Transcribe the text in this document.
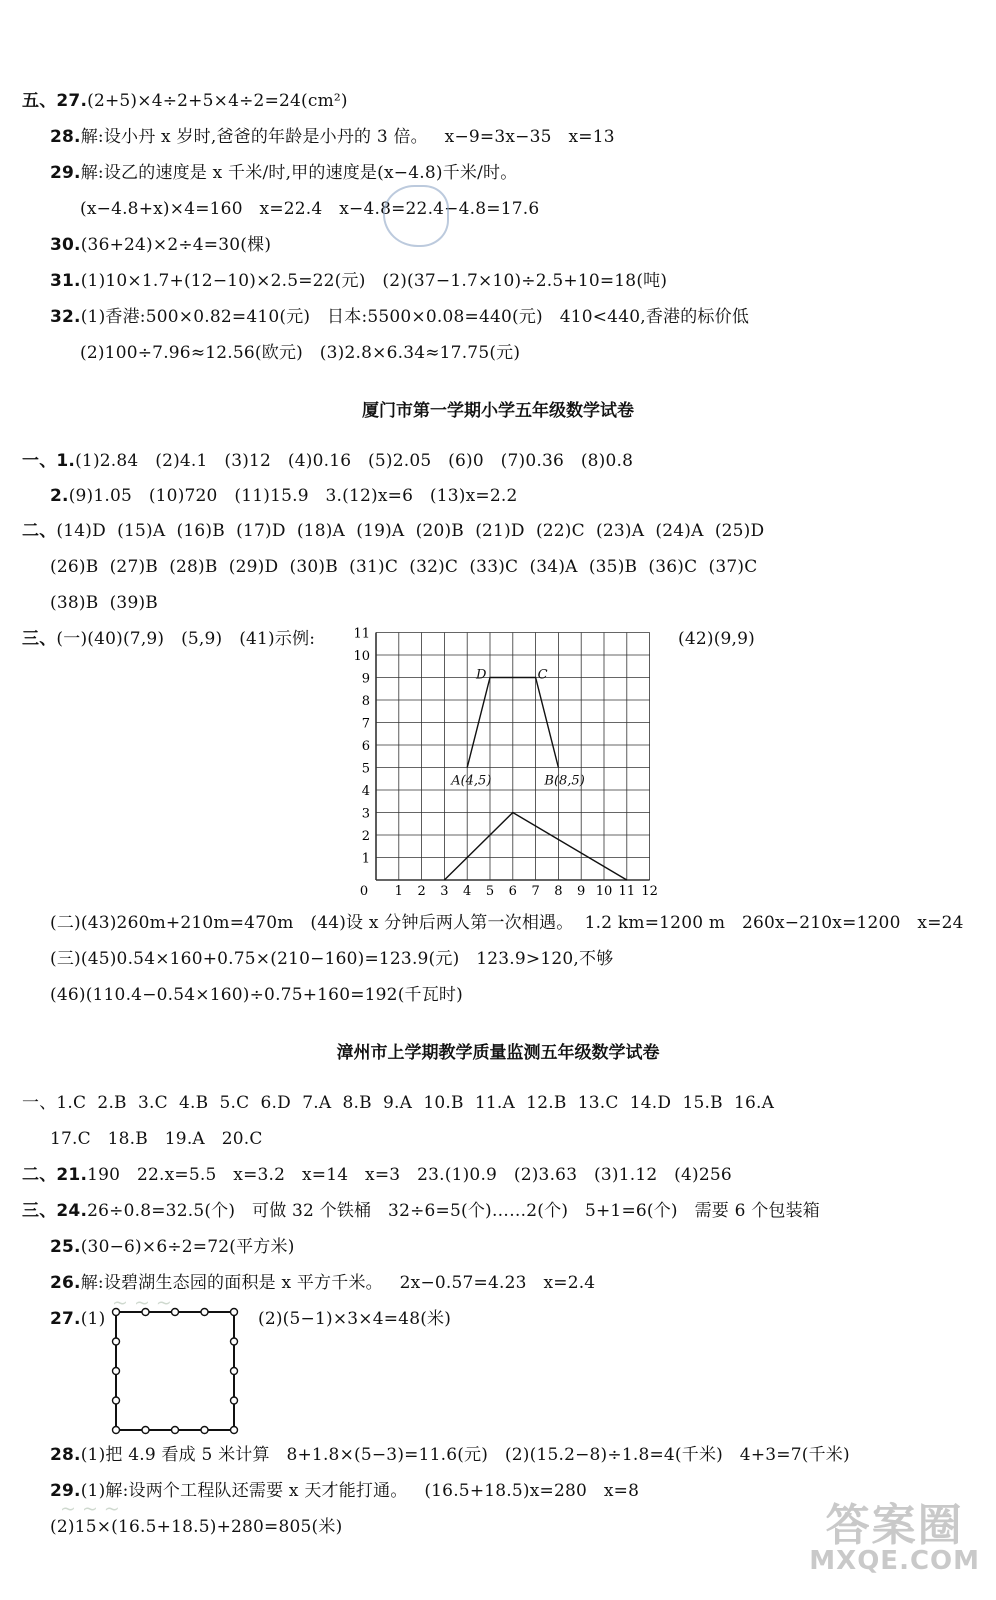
五、27.(2+5)×4÷2+5×4÷2=24(cm²)
28.解:设小丹 x 岁时,爸爸的年龄是小丹的 3 倍。   x−9=3x−35   x=13
29.解:设乙的速度是 x 千米/时,甲的速度是(x−4.8)千米/时。
(x−4.8+x)×4=160   x=22.4   x−4.8=22.4−4.8=17.6
30.(36+24)×2÷4=30(棵)
31.(1)10×1.7+(12−10)×2.5=22(元)   (2)(37−1.7×10)÷2.5+10=18(吨)
32.(1)香港:500×0.82=410(元)   日本:5500×0.08=440(元)   410<440,香港的标价低
(2)100÷7.96≈12.56(欧元)   (3)2.8×6.34≈17.75(元)
一、1.(1)2.84   (2)4.1   (3)12   (4)0.16   (5)2.05   (6)0   (7)0.36   (8)0.8
2.(9)1.05   (10)720   (11)15.9   3.(12)x=6   (13)x=2.2
二、(14)D  (15)A  (16)B  (17)D  (18)A  (19)A  (20)B  (21)D  (22)C  (23)A  (24)A  (25)D
(26)B  (27)B  (28)B  (29)D  (30)B  (31)C  (32)C  (33)C  (34)A  (35)B  (36)C  (37)C
(38)B  (39)B
三、(一)(40)(7,9)   (5,9)   (41)示例:	(42)(9,9)
(二)(43)260m+210m=470m   (44)设 x 分钟后两人第一次相遇。  1.2 km=1200 m   260x−210x=1200   x=24
(三)(45)0.54×160+0.75×(210−160)=123.9(元)   123.9>120,不够
(46)(110.4−0.54×160)÷0.75+160=192(千瓦时)
一、1.C  2.B  3.C  4.B  5.C  6.D  7.A  8.B  9.A  10.B  11.A  12.B  13.C  14.D  15.B  16.A
17.C   18.B   19.A   20.C
二、21.190   22.x=5.5   x=3.2   x=14   x=3   23.(1)0.9   (2)3.63   (3)1.12   (4)256
三、24.26÷0.8=32.5(个)   可做 32 个铁桶   32÷6=5(个)……2(个)   5+1=6(个)   需要 6 个包装箱
25.(30−6)×6÷2=72(平方米)
26.解:设碧湖生态园的面积是 x 平方千米。   2x−0.57=4.23   x=2.4
27.(1)	(2)(5−1)×3×4=48(米)
28.(1)把 4.9 看成 5 米计算   8+1.8×(5−3)=11.6(元)   (2)(15.2−8)÷1.8=4(千米)   4+3=7(千米)
29.(1)解:设两个工程队还需要 x 天才能打通。   (16.5+18.5)x=280   x=8
(2)15×(16.5+18.5)+280=805(米)
厦门市第一学期小学五年级数学试卷
漳州市上学期教学质量监测五年级数学试卷
0 1 2 3 4 5 6 7 8 9 10 11 12
1
2
3
4
5
6
7
8
9
10
11
A(4,5)	B(8,5)
D	C
~ ~ ~
~ ~ ~	答案圈
MXQE.COM
